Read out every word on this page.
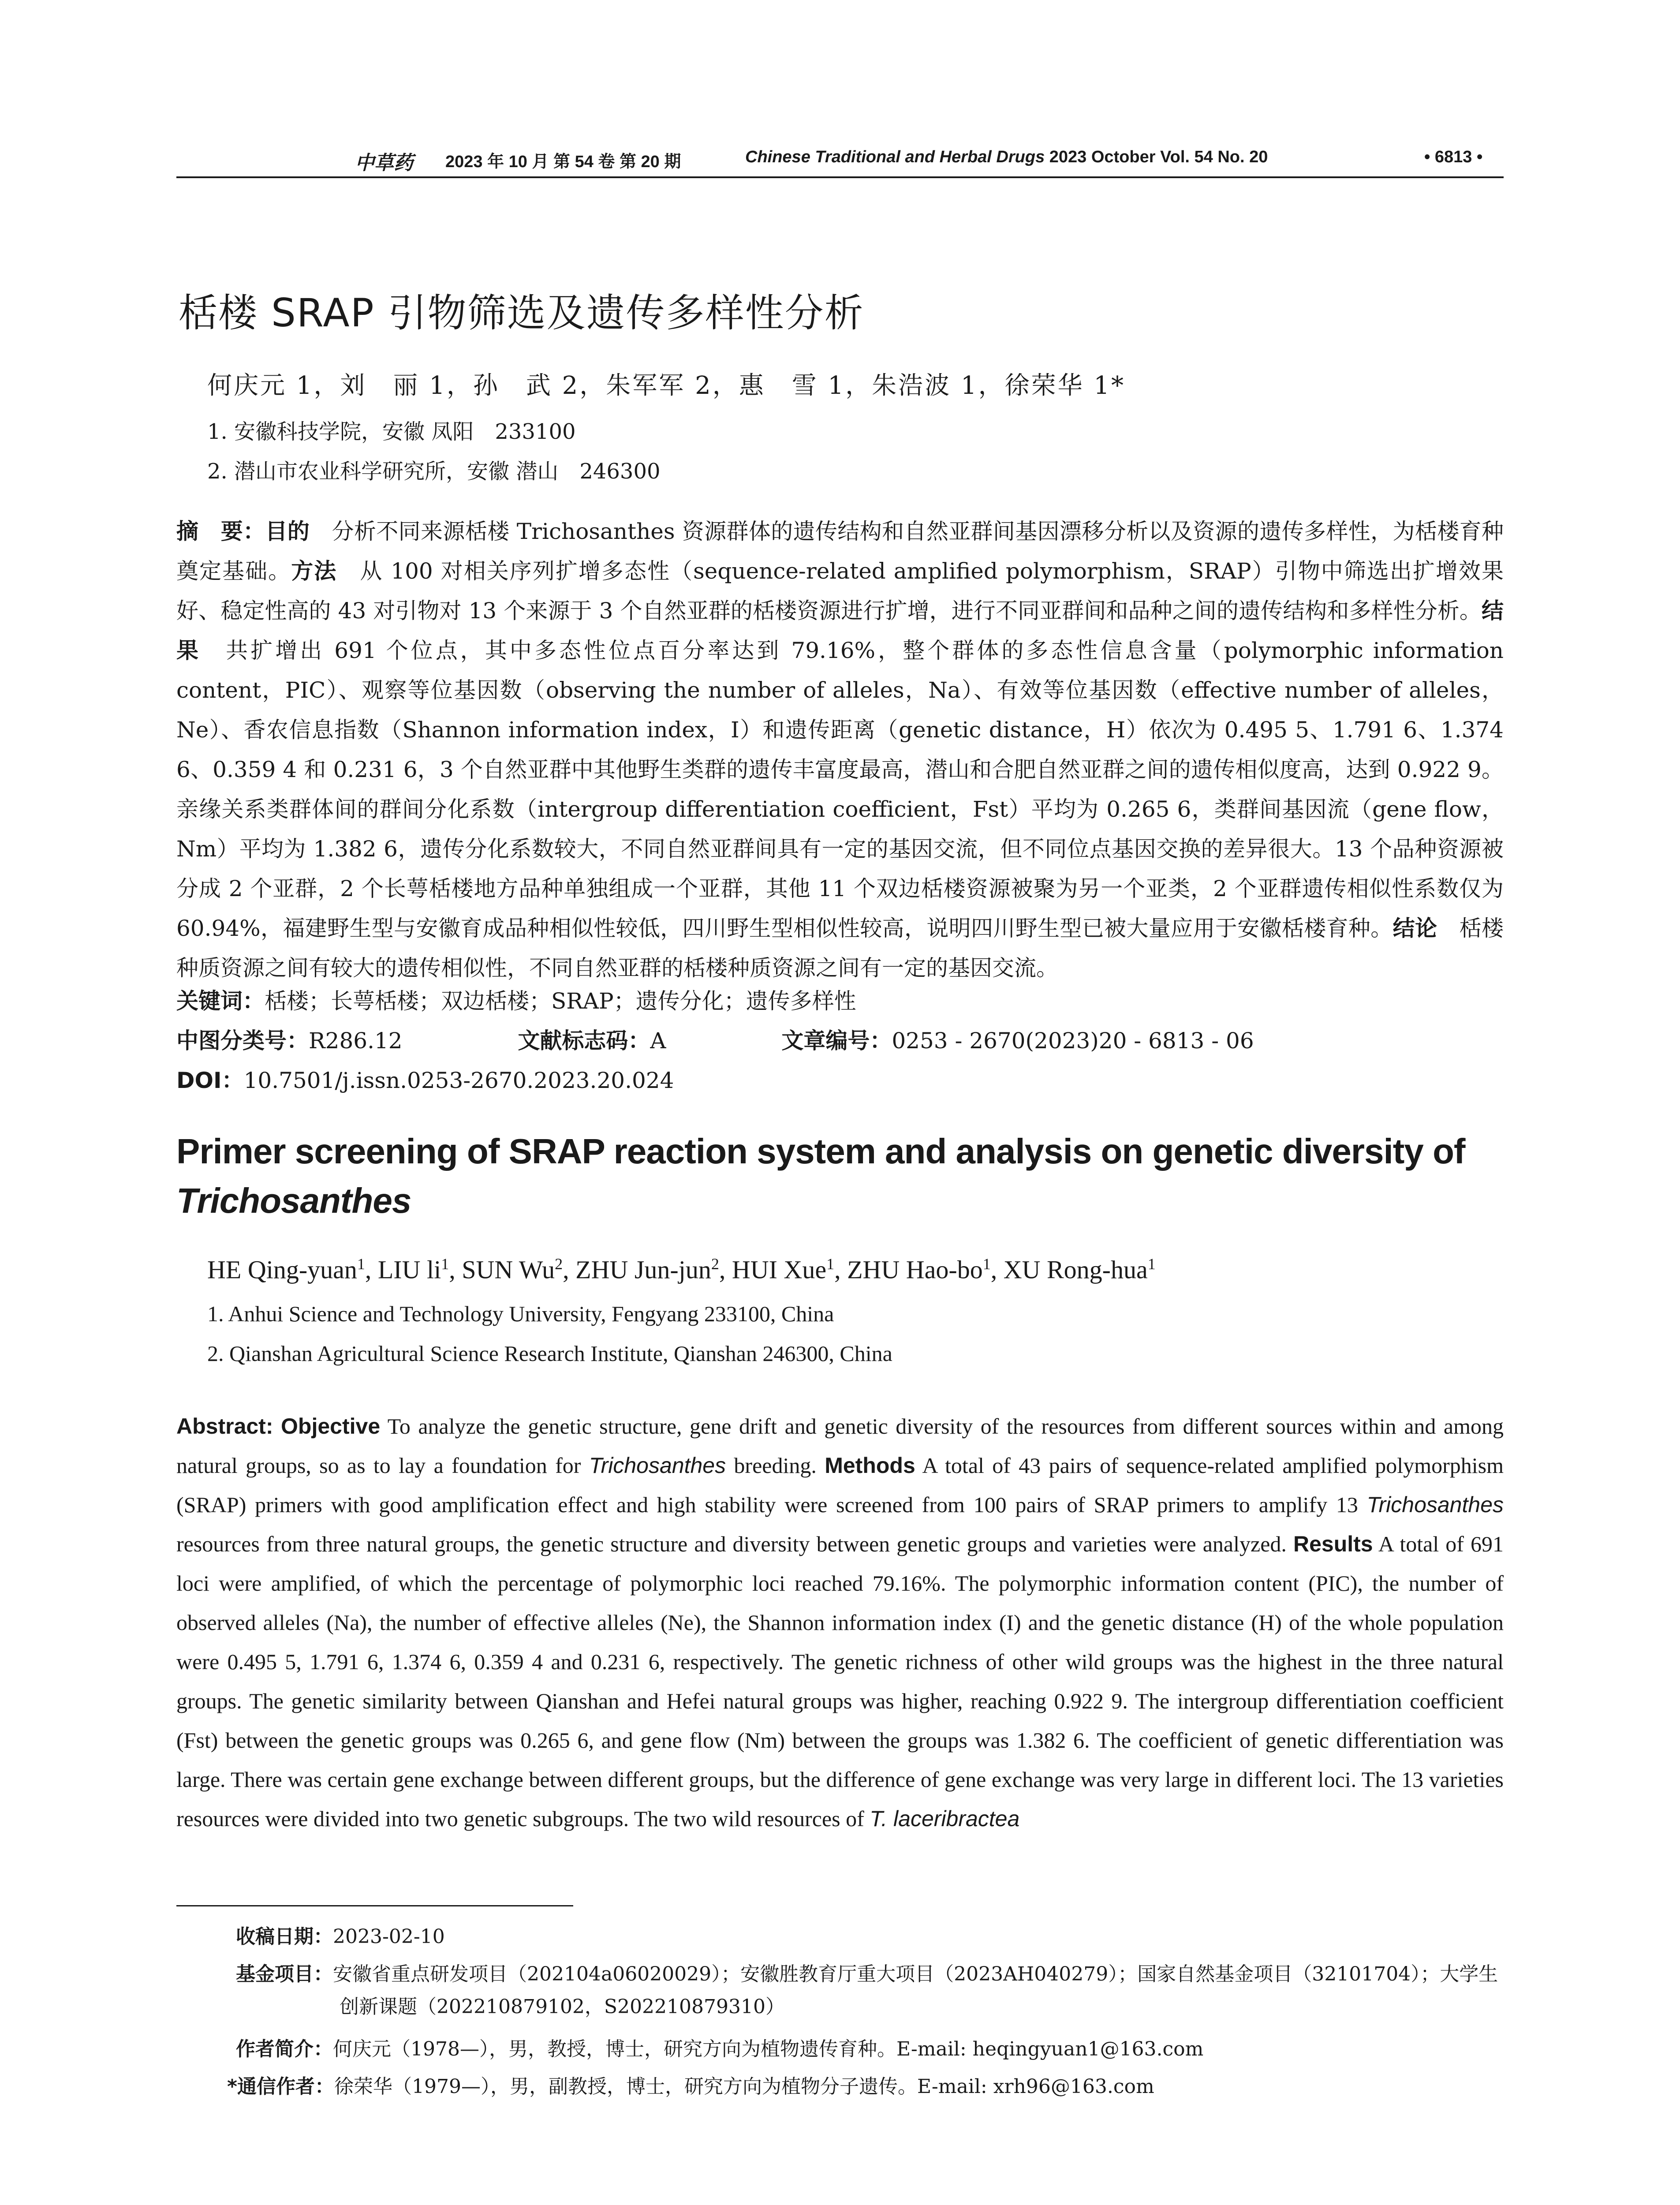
中草药 2023 年 10 月 第 54 卷 第 20 期	Chinese Traditional and Herbal Drugs 2023 October Vol. 54 No. 20	• 6813 •
栝楼 SRAP 引物筛选及遗传多样性分析
何庆元 1，刘　丽 1，孙　武 2，朱军军 2，惠　雪 1，朱浩波 1，徐荣华 1*
1. 安徽科技学院，安徽 凤阳　233100
2. 潜山市农业科学研究所，安徽 潜山　246300
摘　要：目的　分析不同来源栝楼 Trichosanthes 资源群体的遗传结构和自然亚群间基因漂移分析以及资源的遗传多样性，为栝楼育种奠定基础。方法　从 100 对相关序列扩增多态性（sequence-related amplified polymorphism，SRAP）引物中筛选出扩增效果好、稳定性高的 43 对引物对 13 个来源于 3 个自然亚群的栝楼资源进行扩增，进行不同亚群间和品种之间的遗传结构和多样性分析。结果　共扩增出 691 个位点，其中多态性位点百分率达到 79.16%，整个群体的多态性信息含量（polymorphic information content，PIC）、观察等位基因数（observing the number of alleles，Na）、有效等位基因数（effective number of alleles，Ne）、香农信息指数（Shannon information index，I）和遗传距离（genetic distance，H）依次为 0.495 5、1.791 6、1.374 6、0.359 4 和 0.231 6，3 个自然亚群中其他野生类群的遗传丰富度最高，潜山和合肥自然亚群之间的遗传相似度高，达到 0.922 9。亲缘关系类群体间的群间分化系数（intergroup differentiation coefficient，Fst）平均为 0.265 6，类群间基因流（gene flow，Nm）平均为 1.382 6，遗传分化系数较大，不同自然亚群间具有一定的基因交流，但不同位点基因交换的差异很大。13 个品种资源被分成 2 个亚群，2 个长萼栝楼地方品种单独组成一个亚群，其他 11 个双边栝楼资源被聚为另一个亚类，2 个亚群遗传相似性系数仅为 60.94%，福建野生型与安徽育成品种相似性较低，四川野生型相似性较高，说明四川野生型已被大量应用于安徽栝楼育种。结论　栝楼种质资源之间有较大的遗传相似性，不同自然亚群的栝楼种质资源之间有一定的基因交流。
关键词：栝楼；长萼栝楼；双边栝楼；SRAP；遗传分化；遗传多样性
中图分类号：R286.12	文献标志码：A	文章编号：0253 - 2670(2023)20 - 6813 - 06
DOI：10.7501/j.issn.0253-2670.2023.20.024
Primer screening of SRAP reaction system and analysis on genetic diversity of
Trichosanthes
HE Qing-yuan$^1$, LIU $li^1$, SUN Wu$^2$, ZHU Jun-jun$^2$, HUI Xue$^1$, ZHU Hao-$bo^1$, XU Rong-hua$^1$
1. Anhui Science and Technology University, Fengyang 233100, China
2. Qianshan Agricultural Science Research Institute, Qianshan 246300, China
Abstract: Objective To analyze the genetic structure, gene drift and genetic diversity of the resources from different sources within and among natural groups, so as to lay a foundation for Trichosanthes breeding. Methods A total of 43 pairs of sequence-related amplified polymorphism (SRAP) primers with good amplification effect and high stability were screened from 100 pairs of SRAP primers to amplify 13 Trichosanthes resources from three natural groups, the genetic structure and diversity between genetic groups and varieties were analyzed. Results A total of 691 loci were amplified, of which the percentage of polymorphic loci reached 79.16%. The polymorphic information content (PIC), the number of observed alleles (Na), the number of effective alleles (Ne), the Shannon information index (I) and the genetic distance (H) of the whole population were 0.495 5, 1.791 6, 1.374 6, 0.359 4 and 0.231 6, respectively. The genetic richness of other wild groups was the highest in the three natural groups. The genetic similarity between Qianshan and Hefei natural groups was higher, reaching 0.922 9. The intergroup differentiation coefficient (Fst) between the genetic groups was 0.265 6, and gene flow (Nm) between the groups was 1.382 6. The coefficient of genetic differentiation was large. There was certain gene exchange between different groups, but the difference of gene exchange was very large in different loci. The 13 varieties resources were divided into two genetic subgroups. The two wild resources of T. laceribractea
收稿日期：2023-02-10
基金项目：安徽省重点研发项目（202104a06020029）；安徽胜教育厅重大项目（2023AH040279）；国家自然基金项目（32101704）；大学生创新课题（202210879102，S202210879310）
作者简介：何庆元（1978—），男，教授，博士，研究方向为植物遗传育种。E-mail: heqingyuan1@163.com
*通信作者：徐荣华（1979—），男，副教授，博士，研究方向为植物分子遗传。E-mail: xrh96@163.com
